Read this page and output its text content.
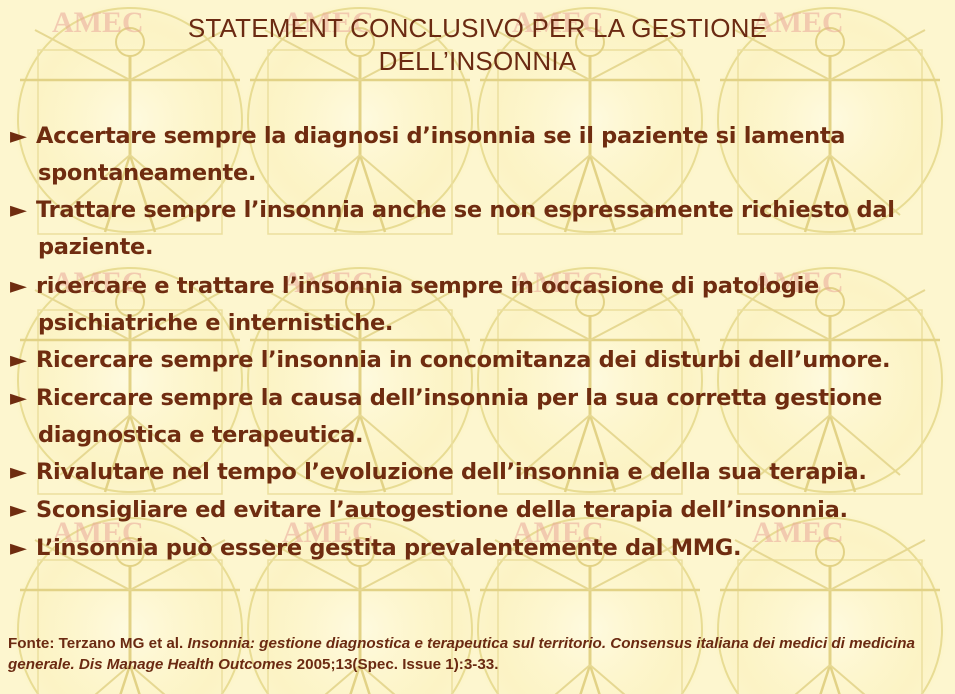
STATEMENT CONCLUSIVO PER LA GESTIONE
DELL’INSONNIA
► Accertare sempre la diagnosi d’insonnia se il paziente si lamenta
spontaneamente.
► Trattare sempre l’insonnia anche se non espressamente richiesto dal
paziente.
► ricercare e trattare l’insonnia sempre in occasione di patologie
psichiatriche e internistiche.
► Ricercare sempre l’insonnia in concomitanza dei disturbi dell’umore.
► Ricercare sempre la causa dell’insonnia per la sua corretta gestione
diagnostica e terapeutica.
► Rivalutare nel tempo l’evoluzione dell’insonnia e della sua terapia.
► Sconsigliare ed evitare l’autogestione della terapia dell’insonnia.
► L’insonnia può essere gestita prevalentemente dal MMG.

Fonte: Terzano MG et al. Insonnia: gestione diagnostica e terapeutica sul territorio. Consensus italiana dei medici di medicina generale. Dis Manage Health Outcomes 2005;13(Spec. Issue 1):3-33.
